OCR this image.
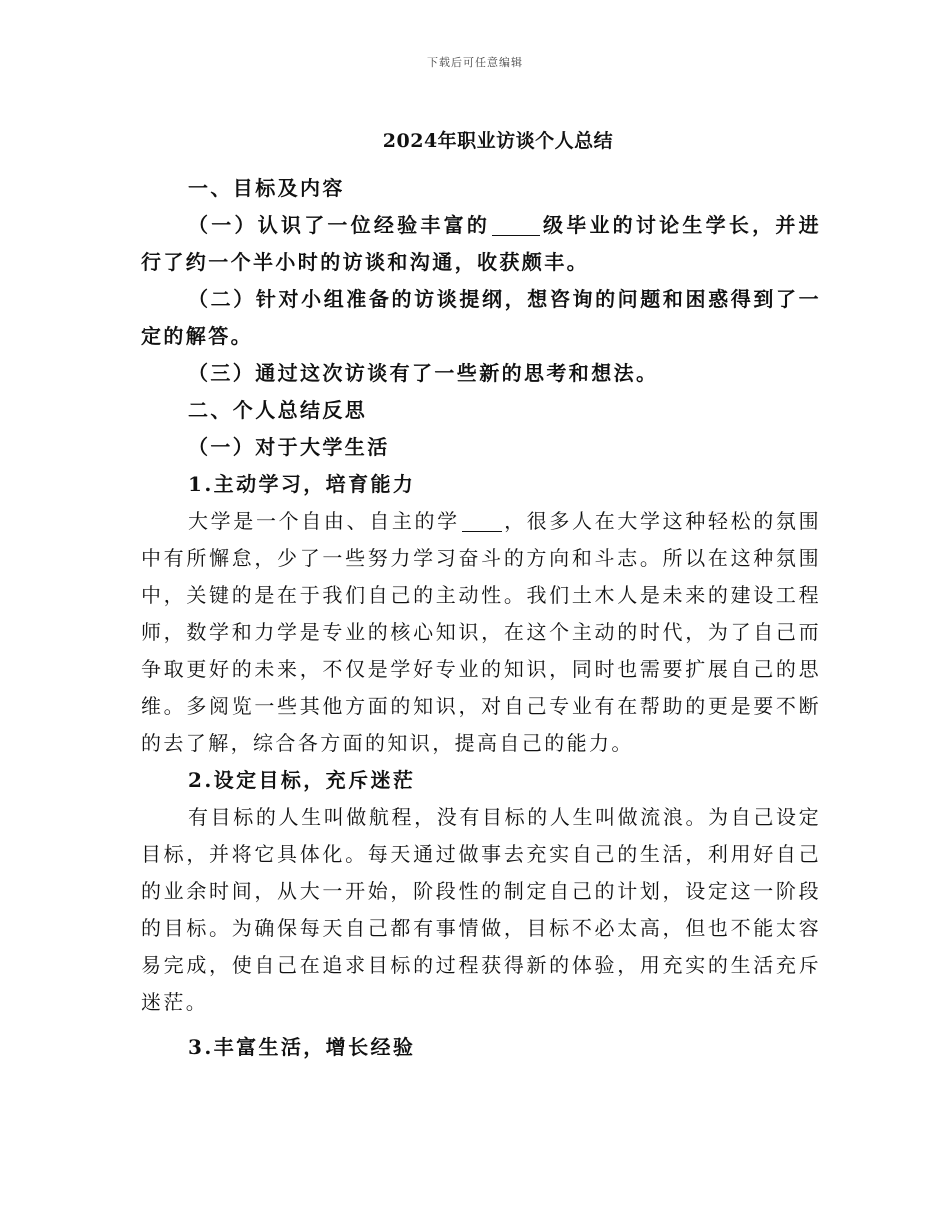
下载后可任意编辑
2024年职业访谈个人总结

一、目标及内容

（一）认识了一位经验丰富的	级毕业的讨论生学长，并进行了约一个半小时的访谈和沟通，收获颇丰。

（二）针对小组准备的访谈提纲，想咨询的问题和困惑得到了一定的解答。

（三）通过这次访谈有了一些新的思考和想法。

二、个人总结反思

（一）对于大学生活

1.主动学习，培育能力

大学是一个自由、自主的学 ，很多人在大学这种轻松的氛围中有所懈怠，少了一些努力学习奋斗的方向和斗志。所以在这种氛围中，关键的是在于我们自己的主动性。我们土木人是未来的建设工程师，数学和力学是专业的核心知识，在这个主动的时代，为了自己而争取更好的未来，不仅是学好专业的知识，同时也需要扩展自己的思维。多阅览一些其他方面的知识，对自己专业有在帮助的更是要不断的去了解，综合各方面的知识，提高自己的能力。

2.设定目标，充斥迷茫

有目标的人生叫做航程，没有目标的人生叫做流浪。为自己设定目标，并将它具体化。每天通过做事去充实自己的生活，利用好自己的业余时间，从大一开始，阶段性的制定自己的计划，设定这一阶段的目标。为确保每天自己都有事情做，目标不必太高，但也不能太容易完成，使自己在追求目标的过程获得新的体验，用充实的生活充斥迷茫。

3.丰富生活，增长经验
